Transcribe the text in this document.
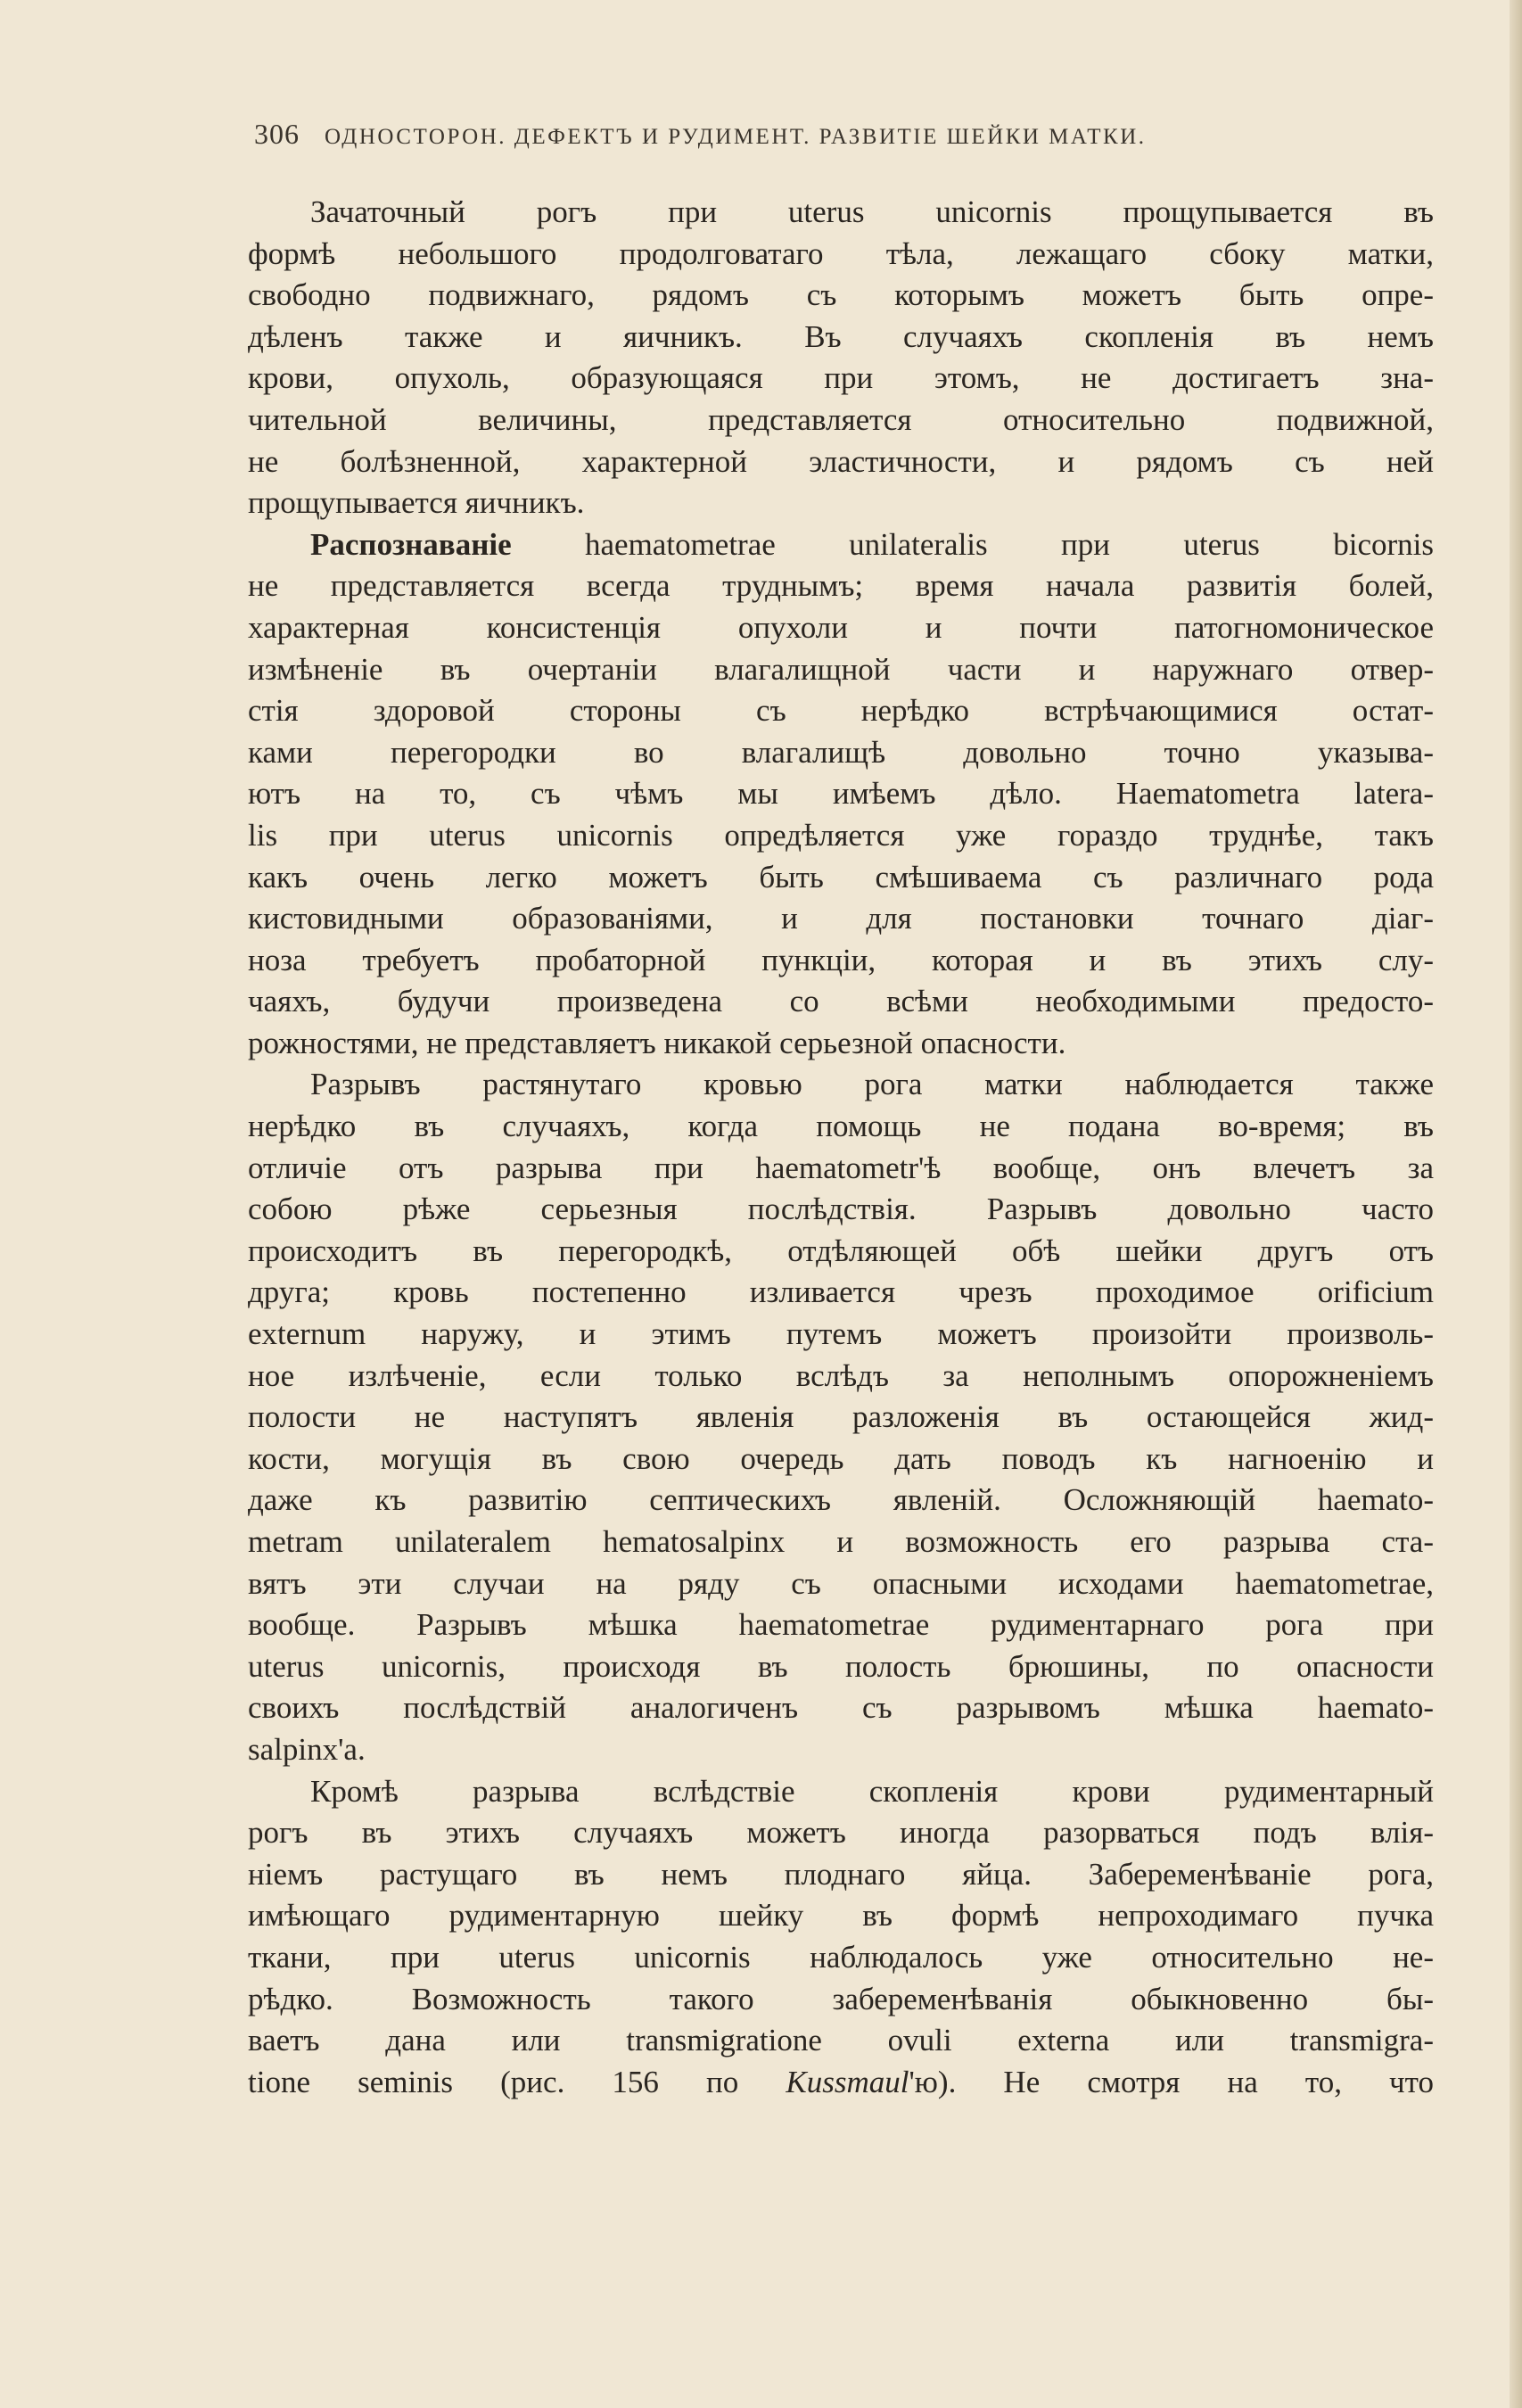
306 ОДНОСТОРОН. ДЕФЕКТЪ И РУДИМЕНТ. РАЗВИТІЕ ШЕЙКИ МАТКИ.
Зачаточный рогъ при uterus unicornis прощупывается въ
формѣ небольшого продолговатаго тѣла, лежащаго сбоку матки,
свободно подвижнаго, рядомъ съ которымъ можетъ быть опре-
дѣленъ также и яичникъ. Въ случаяхъ скопленія въ немъ
крови, опухоль, образующаяся при этомъ, не достигаетъ зна-
чительной величины, представляется относительно подвижной,
не болѣзненной, характерной эластичности, и рядомъ съ ней
прощупывается яичникъ.
Распознаваніе haematometrae unilateralis при uterus bicornis
не представляется всегда труднымъ; время начала развитія болей,
характерная консистенція опухоли и почти патогномоническое
измѣненіе въ очертаніи влагалищной части и наружнаго отвер-
стія здоровой стороны съ нерѣдко встрѣчающимися остат-
ками перегородки во влагалищѣ довольно точно указыва-
ютъ на то, съ чѣмъ мы имѣемъ дѣло. Haematometra latera-
lis при uterus unicornis опредѣляется уже гораздо труднѣе, такъ
какъ очень легко можетъ быть смѣшиваема съ различнаго рода
кистовидными образованіями, и для постановки точнаго діаг-
ноза требуетъ пробаторной пункціи, которая и въ этихъ слу-
чаяхъ, будучи произведена со всѣми необходимыми предосто-
рожностями, не представляетъ никакой серьезной опасности.
Разрывъ растянутаго кровью рога матки наблюдается также
нерѣдко въ случаяхъ, когда помощь не подана во-время; въ
отличіе отъ разрыва при haematometr'ѣ вообще, онъ влечетъ за
собою рѣже серьезныя послѣдствія. Разрывъ довольно часто
происходитъ въ перегородкѣ, отдѣляющей обѣ шейки другъ отъ
друга; кровь постепенно изливается чрезъ проходимое orificium
externum наружу, и этимъ путемъ можетъ произойти произволь-
ное излѣченіе, если только вслѣдъ за неполнымъ опорожненіемъ
полости не наступятъ явленія разложенія въ остающейся жид-
кости, могущія въ свою очередь дать поводъ къ нагноенію и
даже къ развитію септическихъ явленій. Осложняющій haemato-
metram unilateralem hematosalpinx и возможность его разрыва ста-
вятъ эти случаи на ряду съ опасными исходами haematometrae,
вообще. Разрывъ мѣшка haematometrae рудиментарнаго рога при
uterus unicornis, происходя въ полость брюшины, по опасности
своихъ послѣдствій аналогиченъ съ разрывомъ мѣшка haemato-
salpinx'a.
Кромѣ разрыва вслѣдствіе скопленія крови рудиментарный
рогъ въ этихъ случаяхъ можетъ иногда разорваться подъ влія-
ніемъ растущаго въ немъ плоднаго яйца. Забеременѣваніе рога,
имѣющаго рудиментарную шейку въ формѣ непроходимаго пучка
ткани, при uterus unicornis наблюдалось уже относительно не-
рѣдко. Возможность такого забеременѣванія обыкновенно бы-
ваетъ дана или transmigratione ovuli externa или transmigra-
tione seminis (рис. 156 по Kussmaul'ю). Не смотря на то, что
